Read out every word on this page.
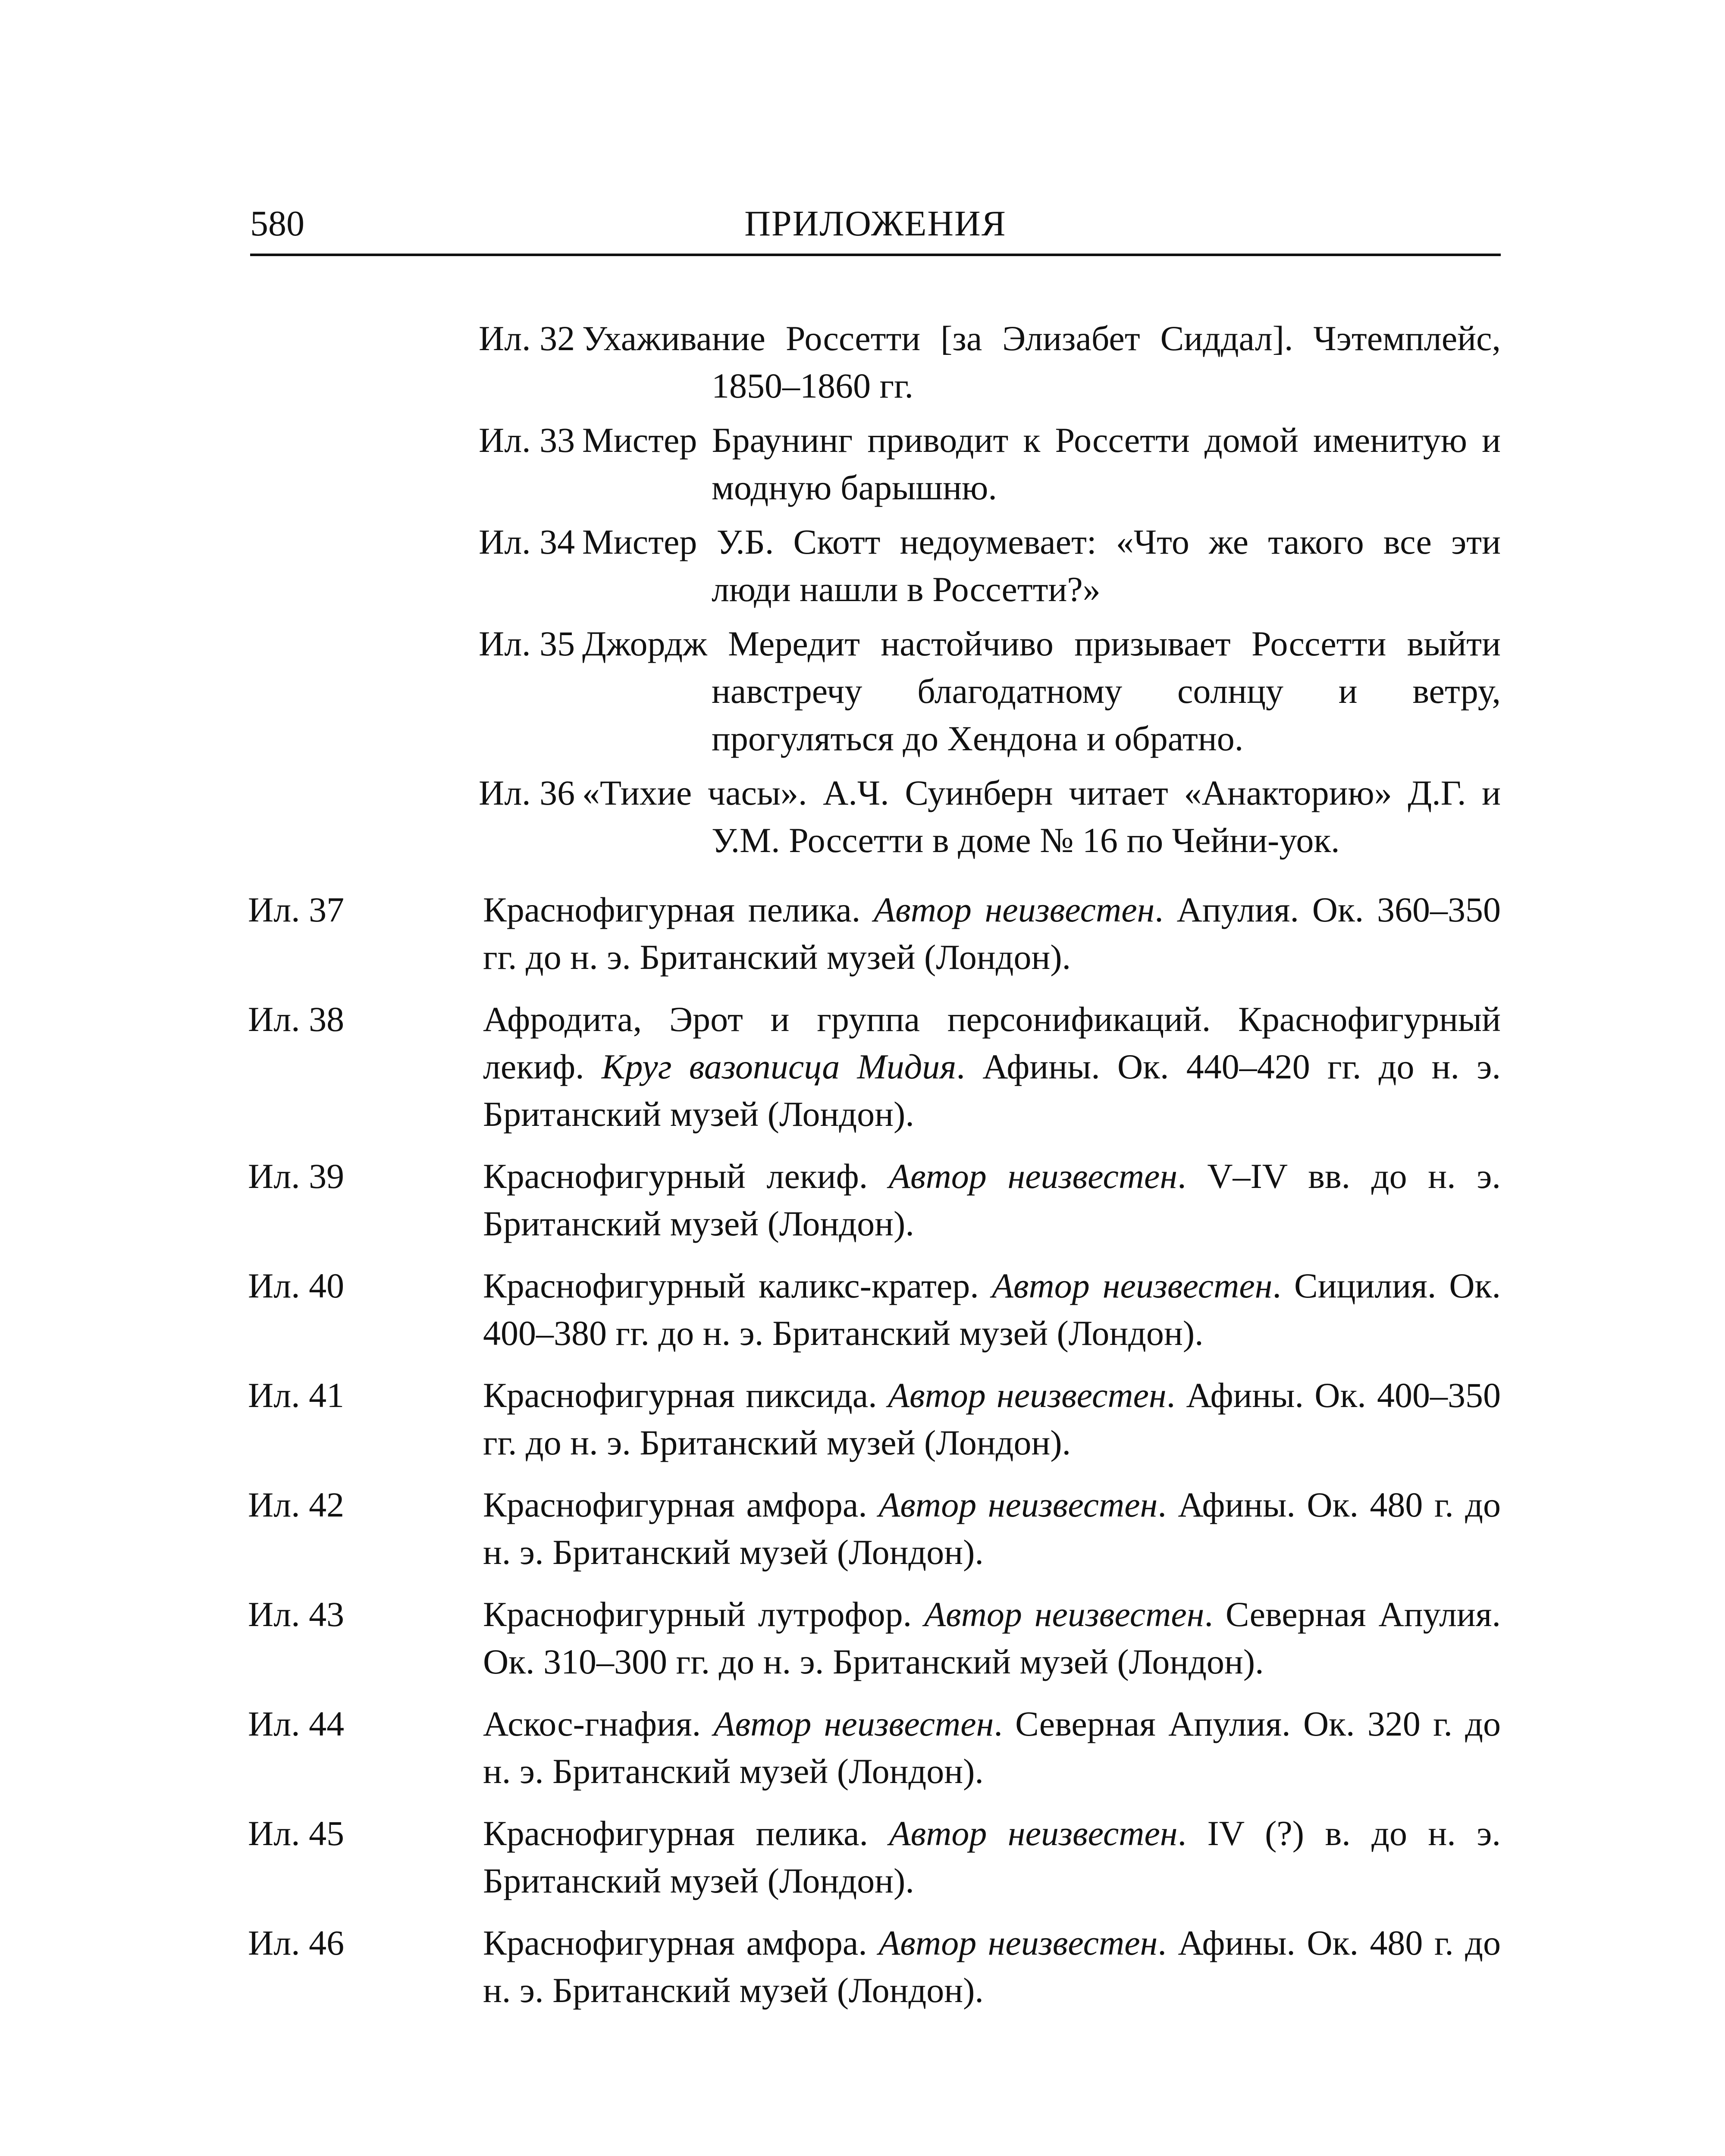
580	ПРИЛОЖЕНИЯ
Ил. 32 Ухаживание Россетти [за Элизабет Сиддал]. Чэтемплейс, 1850–1860 гг.
Ил. 33 Мистер Браунинг приводит к Россетти домой именитую и модную барышню.
Ил. 34 Мистер У.Б. Скотт недоумевает: «Что же такого все эти люди нашли в Россетти?»
Ил. 35 Джордж Мередит настойчиво призывает Россетти выйти навстречу благодатному солнцу и ветру, прогуляться до Хендона и обратно.
Ил. 36 «Тихие часы». А.Ч. Суинберн читает «Анакторию» Д.Г. и У.М. Россетти в доме № 16 по Чейни-уок.
Ил. 37	Краснофигурная пелика. Автор неизвестен. Апулия. Ок. 360–350 гг. до н. э. Британский музей (Лондон).
Ил. 38	Афродита, Эрот и группа персонификаций. Краснофигурный лекиф. Круг вазописца Мидия. Афины. Ок. 440–420 гг. до н. э. Британский музей (Лондон).
Ил. 39	Краснофигурный лекиф. Автор неизвестен. V–IV вв. до н. э. Британский музей (Лондон).
Ил. 40	Краснофигурный каликс-кратер. Автор неизвестен. Сицилия. Ок. 400–380 гг. до н. э. Британский музей (Лондон).
Ил. 41	Краснофигурная пиксида. Автор неизвестен. Афины. Ок. 400–350 гг. до н. э. Британский музей (Лондон).
Ил. 42	Краснофигурная амфора. Автор неизвестен. Афины. Ок. 480 г. до н. э. Британский музей (Лондон).
Ил. 43	Краснофигурный лутрофор. Автор неизвестен. Северная Апулия. Ок. 310–300 гг. до н. э. Британский музей (Лондон).
Ил. 44	Аскос-гнафия. Автор неизвестен. Северная Апулия. Ок. 320 г. до н. э. Британский музей (Лондон).
Ил. 45	Краснофигурная пелика. Автор неизвестен. IV (?) в. до н. э. Британский музей (Лондон).
Ил. 46	Краснофигурная амфора. Автор неизвестен. Афины. Ок. 480 г. до н. э. Британский музей (Лондон).
